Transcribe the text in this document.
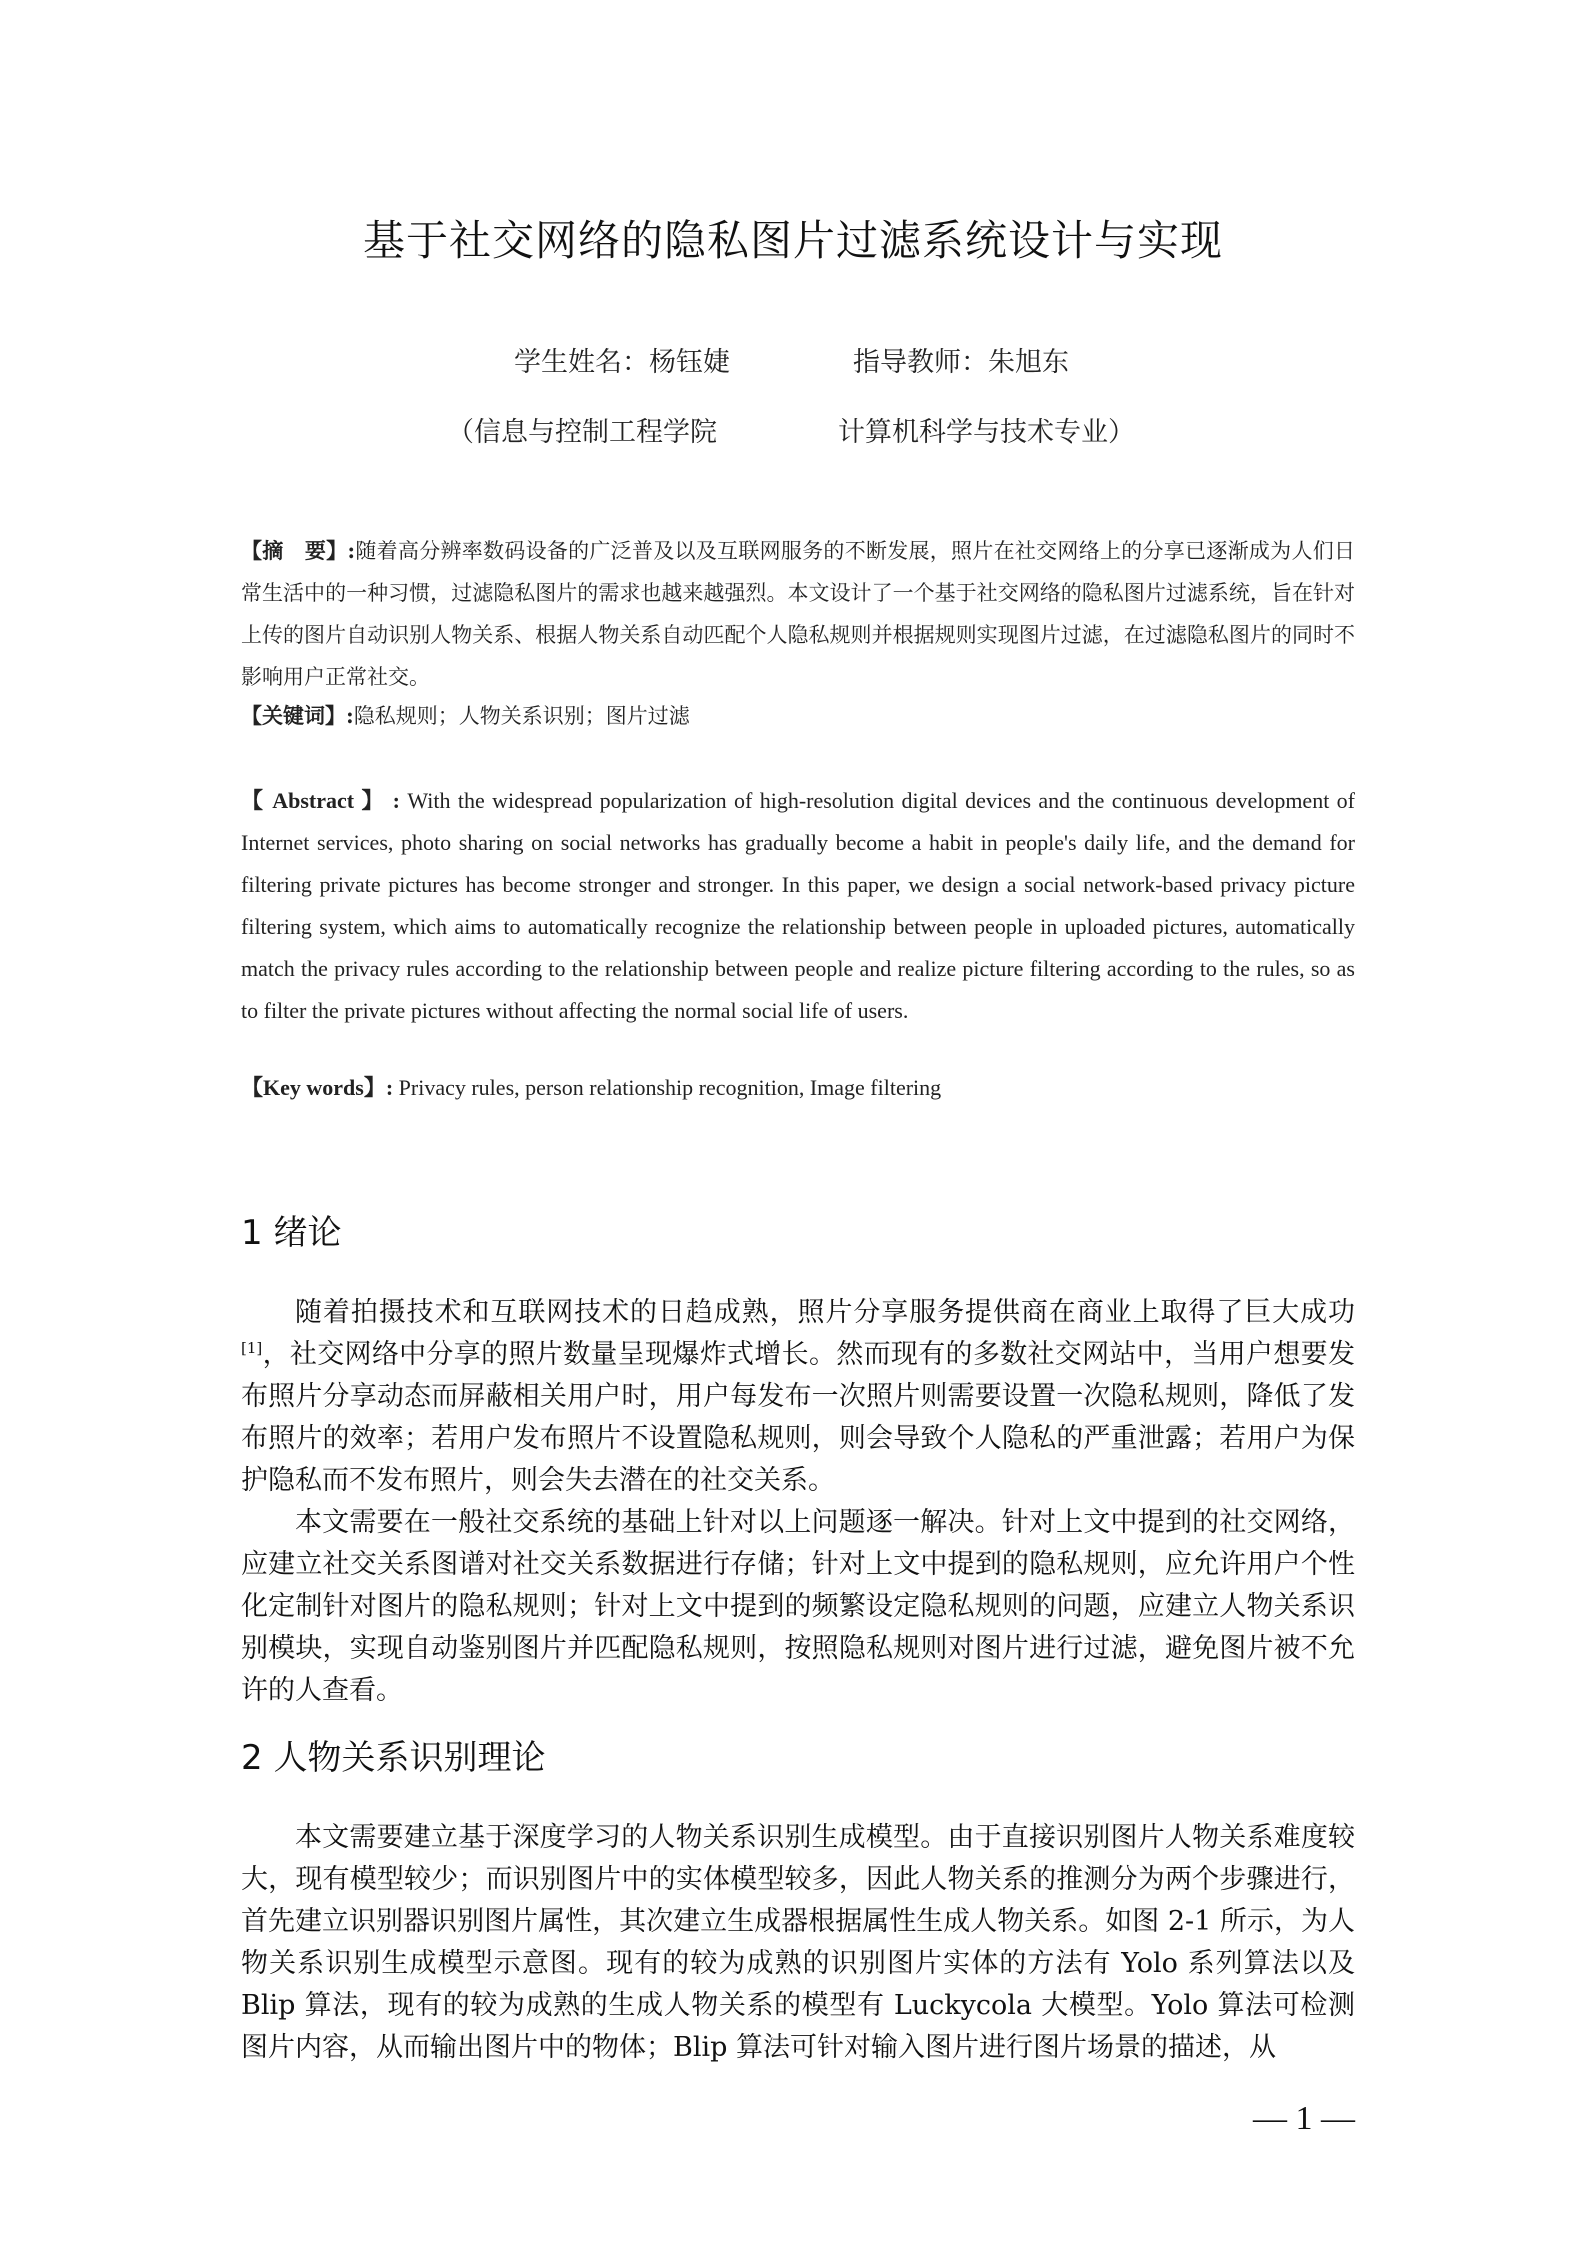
基于社交网络的隐私图片过滤系统设计与实现
学生姓名：杨钰婕	指导教师：朱旭东
（信息与控制工程学院	计算机科学与技术专业）
【摘　要】:随着高分辨率数码设备的广泛普及以及互联网服务的不断发展，照片在社交网络上的分享已逐渐成为人们日常生活中的一种习惯，过滤隐私图片的需求也越来越强烈。本文设计了一个基于社交网络的隐私图片过滤系统，旨在针对上传的图片自动识别人物关系、根据人物关系自动匹配个人隐私规则并根据规则实现图片过滤，在过滤隐私图片的同时不影响用户正常社交。
【关键词】:隐私规则；人物关系识别；图片过滤
【 Abstract 】 : With the widespread popularization of high-resolution digital devices and the continuous development of Internet services, photo sharing on social networks has gradually become a habit in people's daily life, and the demand for filtering private pictures has become stronger and stronger. In this paper, we design a social network-based privacy picture filtering system, which aims to automatically recognize the relationship between people in uploaded pictures, automatically match the privacy rules according to the relationship between people and realize picture filtering according to the rules, so as to filter the private pictures without affecting the normal social life of users.
【Key words】: Privacy rules, person relationship recognition, Image filtering
1 绪论

随着拍摄技术和互联网技术的日趋成熟，照片分享服务提供商在商业上取得了巨大成功[1]，社交网络中分享的照片数量呈现爆炸式增长。然而现有的多数社交网站中，当用户想要发布照片分享动态而屏蔽相关用户时，用户每发布一次照片则需要设置一次隐私规则，降低了发布照片的效率；若用户发布照片不设置隐私规则，则会导致个人隐私的严重泄露；若用户为保护隐私而不发布照片，则会失去潜在的社交关系。

本文需要在一般社交系统的基础上针对以上问题逐一解决。针对上文中提到的社交网络，应建立社交关系图谱对社交关系数据进行存储；针对上文中提到的隐私规则，应允许用户个性化定制针对图片的隐私规则；针对上文中提到的频繁设定隐私规则的问题，应建立人物关系识别模块，实现自动鉴别图片并匹配隐私规则，按照隐私规则对图片进行过滤，避免图片被不允许的人查看。

2 人物关系识别理论

本文需要建立基于深度学习的人物关系识别生成模型。由于直接识别图片人物关系难度较大，现有模型较少；而识别图片中的实体模型较多，因此人物关系的推测分为两个步骤进行，首先建立识别器识别图片属性，其次建立生成器根据属性生成人物关系。如图 2-1 所示，为人物关系识别生成模型示意图。现有的较为成熟的识别图片实体的方法有 Yolo 系列算法以及 Blip 算法，现有的较为成熟的生成人物关系的模型有 Luckycola 大模型。Yolo 算法可检测图片内容，从而输出图片中的物体；Blip 算法可针对输入图片进行图片场景的描述，从

— 1 —
